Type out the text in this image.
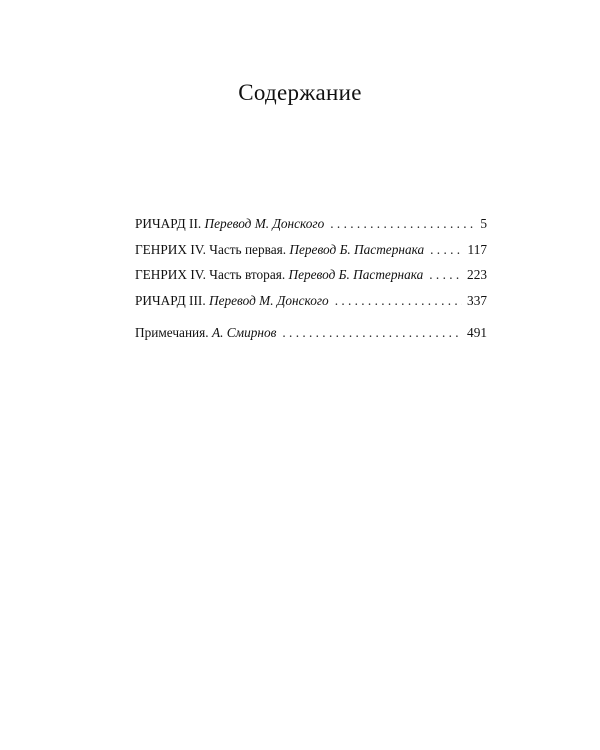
Содержание
РИЧАРД II. Перевод М. Донского . . .	5
ГЕНРИХ IV. Часть первая. Перевод Б. Пастернака . . .	117
ГЕНРИХ IV. Часть вторая. Перевод Б. Пастернака . . .	223
РИЧАРД III. Перевод М. Донского . . .	337
Примечания. А. Смирнов . . .	491
